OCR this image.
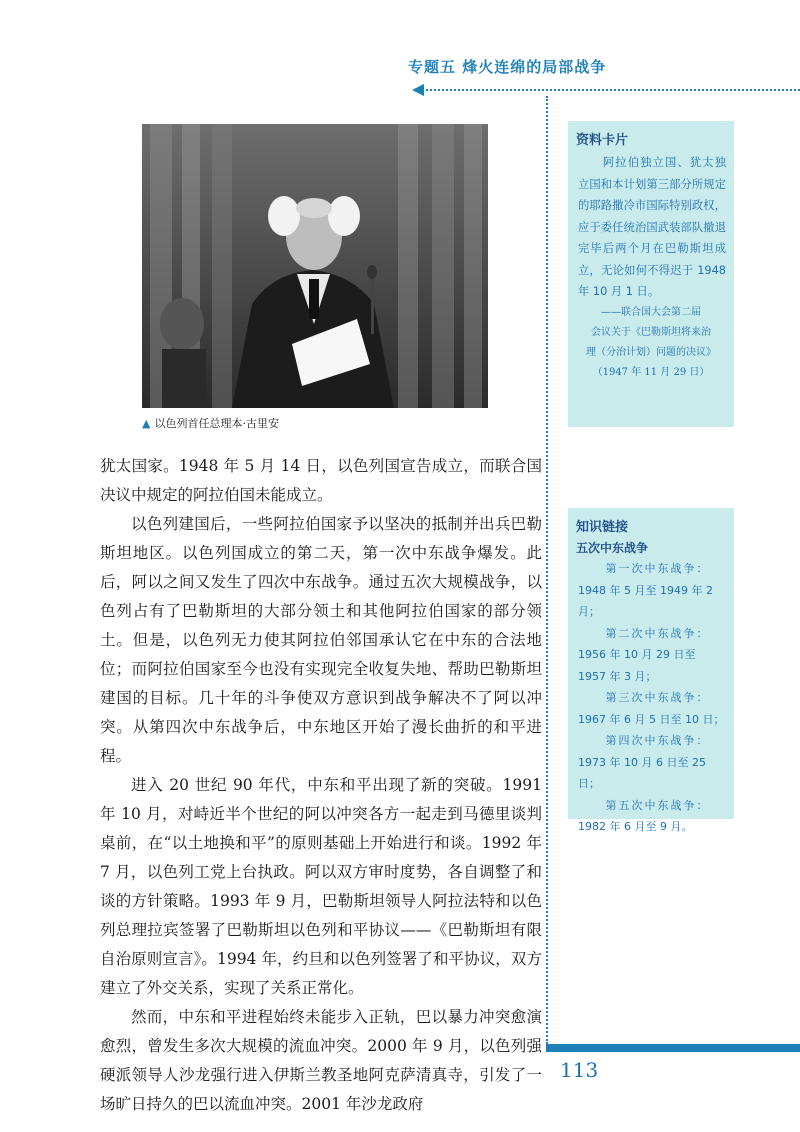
专题五 烽火连绵的局部战争
▲ 以色列首任总理本·古里安

犹太国家。1948 年 5 月 14 日，以色列国宣告成立，而联合国决议中规定的阿拉伯国未能成立。

以色列建国后，一些阿拉伯国家予以坚决的抵制并出兵巴勒斯坦地区。以色列国成立的第二天，第一次中东战争爆发。此后，阿以之间又发生了四次中东战争。通过五次大规模战争，以色列占有了巴勒斯坦的大部分领土和其他阿拉伯国家的部分领土。但是，以色列无力使其阿拉伯邻国承认它在中东的合法地位；而阿拉伯国家至今也没有实现完全收复失地、帮助巴勒斯坦建国的目标。几十年的斗争使双方意识到战争解决不了阿以冲突。从第四次中东战争后，中东地区开始了漫长曲折的和平进程。

进入 20 世纪 90 年代，中东和平出现了新的突破。1991 年 10 月，对峙近半个世纪的阿以冲突各方一起走到马德里谈判桌前，在“以土地换和平”的原则基础上开始进行和谈。1992 年 7 月，以色列工党上台执政。阿以双方审时度势，各自调整了和谈的方针策略。1993 年 9 月，巴勒斯坦领导人阿拉法特和以色列总理拉宾签署了巴勒斯坦以色列和平协议——《巴勒斯坦有限自治原则宣言》。1994 年，约旦和以色列签署了和平协议，双方建立了外交关系，实现了关系正常化。

然而，中东和平进程始终未能步入正轨，巴以暴力冲突愈演愈烈，曾发生多次大规模的流血冲突。2000 年 9 月，以色列强硬派领导人沙龙强行进入伊斯兰教圣地阿克萨清真寺，引发了一场旷日持久的巴以流血冲突。2001 年沙龙政府

资料卡片
阿拉伯独立国、犹太独立国和本计划第三部分所规定的耶路撒冷市国际特别政权，应于委任统治国武装部队撤退完毕后两个月在巴勒斯坦成立，无论如何不得迟于 1948 年 10 月 1 日。
——联合国大会第二届
会议关于《巴勒斯坦将来治
理（分治计划）问题的决议》
（1947 年 11 月 29 日）
知识链接
五次中东战争
第一次中东战争：
1948 年 5 月至 1949 年 2 月；
第二次中东战争：
1956 年 10 月 29 日至 1957 年 3 月；
第三次中东战争：
1967 年 6 月 5 日至 10 日；
第四次中东战争：
1973 年 10 月 6 日至 25 日；
第五次中东战争：
1982 年 6 月至 9 月。
113
